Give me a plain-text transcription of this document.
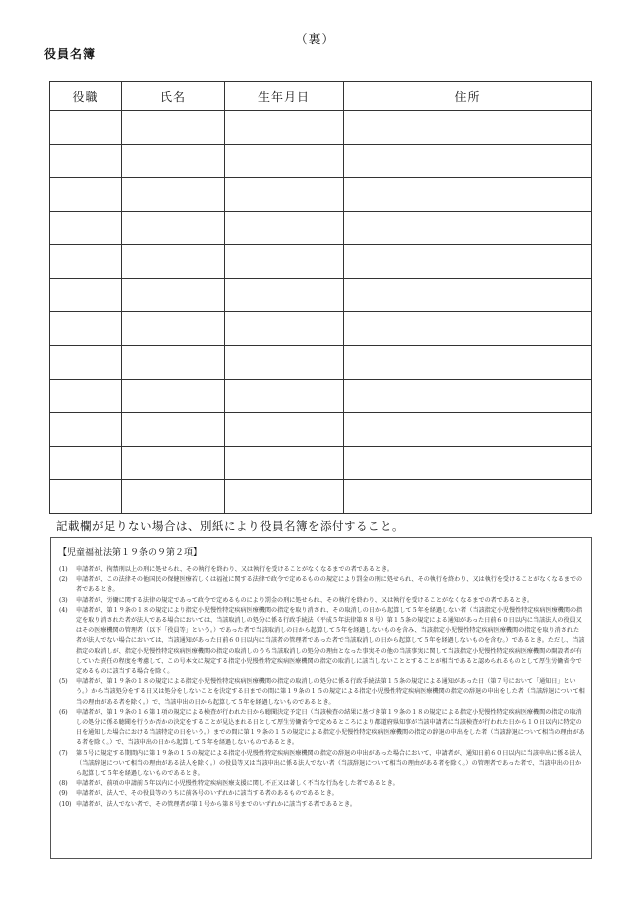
（裏）
役員名簿
役職	氏名	生年月日	住所

記載欄が足りない場合は、別紙により役員名簿を添付すること。
【児童福祉法第１９条の９第２項】
(1) 申請者が、拘禁刑以上の刑に処せられ、その執行を終わり、又は執行を受けることがなくなるまでの者であるとき。
(2) 申請者が、この法律その他国民の保健医療若しくは福祉に関する法律で政令で定めるものの規定により罰金の刑に処せられ、その執行を終わり、又は執行を受けることがなくなるまでの者であるとき。
(3) 申請者が、労働に関する法律の規定であって政令で定めるものにより罰金の刑に処せられ、その執行を終わり、又は執行を受けることがなくなるまでの者であるとき。
(4) 申請者が、第１９条の１８の規定により指定小児慢性特定疾病医療機関の指定を取り消され、その取消しの日から起算して５年を経過しない者（当該指定小児慢性特定疾病医療機関の指定を取り消された者が法人である場合においては、当該取消しの処分に係る行政手続法（平成５年法律第８８号）第１５条の規定による通知があった日前６０日以内に当該法人の役員又はその医療機関の管理者（以下「役員等」という。）であった者で当該取消しの日から起算して５年を経過しないものを含み、当該指定小児慢性特定疾病医療機関の指定を取り消された者が法人でない場合においては、当該通知があった日前６０日以内に当該者の管理者であった者で当該取消しの日から起算して５年を経過しないものを含む。）であるとき。ただし、当該指定の取消しが、指定小児慢性特定疾病医療機関の指定の取消しのうち当該取消しの処分の理由となった事実その他の当該事実に関して当該指定小児慢性特定疾病医療機関の開設者が有していた責任の程度を考慮して、この号本文に規定する指定小児慢性特定疾病医療機関の指定の取消しに該当しないこととすることが相当であると認められるものとして厚生労働省令で定めるものに該当する場合を除く。
(5) 申請者が、第１９条の１８の規定による指定小児慢性特定疾病医療機関の指定の取消しの処分に係る行政手続法第１５条の規定による通知があった日（第７号において「通知日」という。）から当該処分をする日又は処分をしないことを決定する日までの間に第１９条の１５の規定による指定小児慢性特定疾病医療機関の指定の辞退の申出をした者（当該辞退について相当の理由がある者を除く。）で、当該申出の日から起算して５年を経過しないものであるとき。
(6) 申請者が、第１９条の１６第１項の規定による検査が行われた日から聴聞決定予定日（当該検査の結果に基づき第１９条の１８の規定による指定小児慢性特定疾病医療機関の指定の取消しの処分に係る聴聞を行うか否かの決定をすることが見込まれる日として厚生労働省令で定めるところにより都道府県知事が当該申請者に当該検査が行われた日から１０日以内に特定の日を通知した場合における当該特定の日をいう。）までの間に第１９条の１５の規定による指定小児慢性特定疾病医療機関の指定の辞退の申出をした者（当該辞退について相当の理由がある者を除く。）で、当該申出の日から起算して５年を経過しないものであるとき。
(7) 第５号に規定する期間内に第１９条の１５の規定による指定小児慢性特定疾病医療機関の指定の辞退の申出があった場合において、申請者が、通知日前６０日以内に当該申出に係る法人（当該辞退について相当の理由がある法人を除く。）の役員等又は当該申出に係る法人でない者（当該辞退について相当の理由がある者を除く。）の管理者であった者で、当該申出の日から起算して５年を経過しないものであるとき。
(8) 申請者が、前項の申請前５年以内に小児慢性特定疾病医療支援に関し不正又は著しく不当な行為をした者であるとき。
(9) 申請者が、法人で、その役員等のうちに前各号のいずれかに該当する者のあるものであるとき。
(10) 申請者が、法人でない者で、その管理者が第１号から第８号までのいずれかに該当する者であるとき。
